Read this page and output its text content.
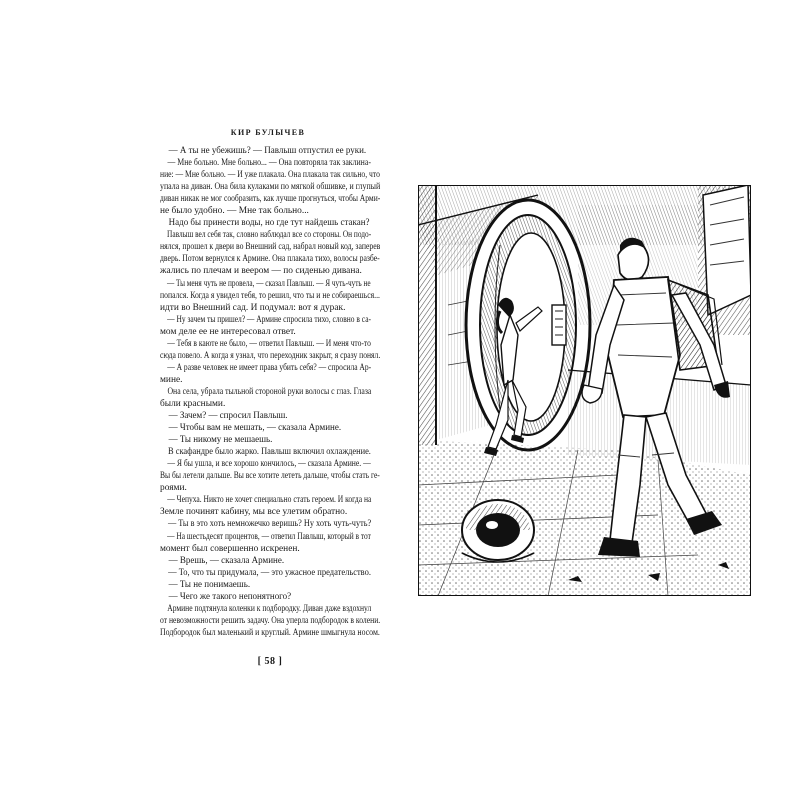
КИР БУЛЫЧЕВ
— А ты не убежишь? — Павлыш отпустил ее руки.
— Мне больно. Мне больно... — Она повторяла так заклина-
ние: — Мне больно. — И уже плакала. Она плакала так сильно, что
упала на диван. Она била кулаками по мягкой обшивке, и глупый
диван никак не мог сообразить, как лучше прогнуться, чтобы Арми-
не было удобно. — Мне так больно...
Надо бы принести воды, но где тут найдешь стакан?
Павлыш вел себя так, словно наблюдал все со стороны. Он подо-
нялся, прошел к двери во Внешний сад, набрал новый код, заперев
дверь. Потом вернулся к Армине. Она плакала тихо, волосы разбе-
жались по плечам и веером — по сиденью дивана.
— Ты меня чуть не провела, — сказал Павлыш. — Я чуть-чуть не
попался. Когда я увидел тебя, то решил, что ты и не собираешься...
идти во Внешний сад. И подумал: вот я дурак.
— Ну зачем ты пришел? — Армине спросила тихо, словно в са-
мом деле ее не интересовал ответ.
— Тебя в каюте не было, — ответил Павлыш. — И меня что-то
сюда повело. А когда я узнал, что переходник закрыт, я сразу понял.
— А разве человек не имеет права убить себя? — спросила Ар-
мине.
Она села, убрала тыльной стороной руки волосы с глаз. Глаза
были красными.
— Зачем? — спросил Павлыш.
— Чтобы вам не мешать, — сказала Армине.
— Ты никому не мешаешь.
В скафандре было жарко. Павлыш включил охлаждение.
— Я бы ушла, и все хорошо кончилось, — сказала Армине. —
Вы бы летели дальше. Вы все хотите лететь дальше, чтобы стать ге-
роями.
— Чепуха. Никто не хочет специально стать героем. И когда на
Земле починят кабину, мы все улетим обратно.
— Ты в это хоть немножечко веришь? Ну хоть чуть-чуть?
— На шестьдесят процентов, — ответил Павлыш, который в тот
момент был совершенно искренен.
— Врешь, — сказала Армине.
— То, что ты придумала, — это ужасное предательство.
— Ты не понимаешь.
— Чего же такого непонятного?
Армине подтянула коленки к подбородку. Диван даже вздохнул
от невозможности решить задачу. Она уперла подбородок в колени.
Подбородок был маленький и круглый. Армине шмыгнула носом.
[ 58 ]
